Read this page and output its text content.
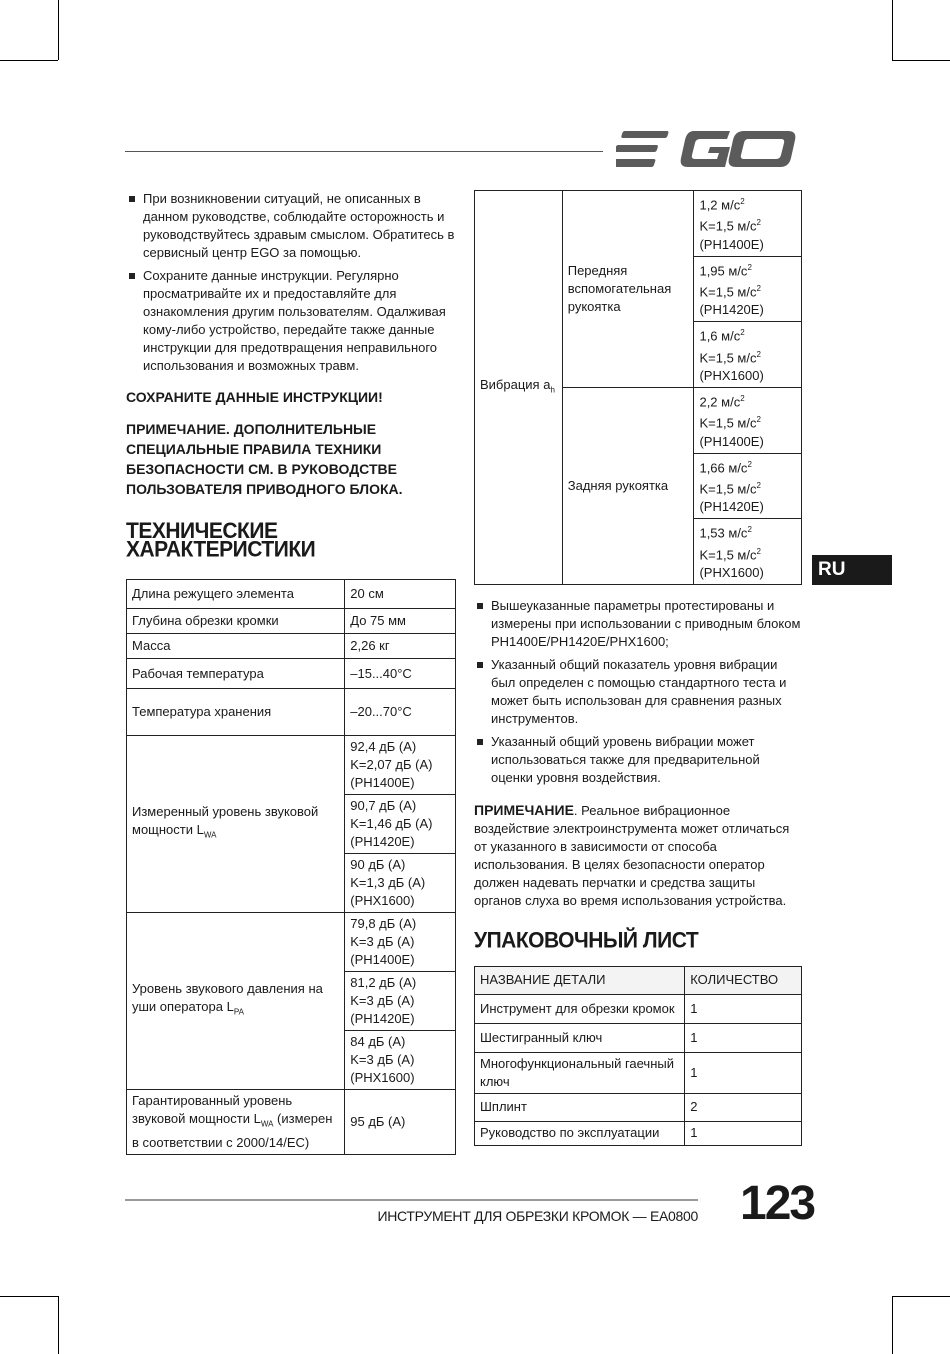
RU
При возникновении ситуаций, не описанных в данном руководстве, соблюдайте осторожность и руководствуйтесь здравым смыслом. Обратитесь в сервисный центр EGO за помощью.
Сохраните данные инструкции. Регулярно просматривайте их и предоставляйте для ознакомления другим пользователям. Одалживая кому-либо устройство, передайте также данные инструкции для предотвращения неправильного использования и возможных травм.

СОХРАНИТЕ ДАННЫЕ ИНСТРУКЦИИ!

ПРИМЕЧАНИЕ. ДОПОЛНИТЕЛЬНЫЕ СПЕЦИАЛЬНЫЕ ПРАВИЛА ТЕХНИКИ БЕЗОПАСНОСТИ СМ. В РУКОВОДСТВЕ ПОЛЬЗОВАТЕЛЯ ПРИВОДНОГО БЛОКА.

ТЕХНИЧЕСКИЕ ХАРАКТЕРИСТИКИ
Длина режущего элемента	20 см
Глубина обрезки кромки	До 75 мм
Масса	2,26 кг
Рабочая температура	–15...40°С
Температура хранения	–20...70°С
Измеренный уровень звуковой мощности $L_{WA}$	92,4 дБ (А)
K=2,07 дБ (A)
(PH1400E)

	90,7 дБ (А)
K=1,46 дБ (A)
(PH1420E)

	90 дБ (А)
K=1,3 дБ (A)
(PHX1600)

Уровень звукового давления на уши оператора $L_{PA}$	79,8 дБ (А)
K=3 дБ (A)
(PH1400E)

	81,2 дБ (А)
K=3 дБ (A)
(PH1420E)

	84 дБ (А)
K=3 дБ (A)
(PHX1600)

Гарантированный уровень звуковой мощности $L_{WA}$ (измерен в соответствии с 2000/14/EC)	95 дБ (А)
Вибрация $a_h$	Передняя вспомогательная рукоятка	1,2 $м/с^2$
K=1,5 $м/с^2$
(PH1400E)

		1,95 $м/с^2$
K=1,5 $м/с^2$
(PH1420E)

		1,6 $м/с^2$
K=1,5 $м/с^2$
(PHX1600)

	Задняя рукоятка	2,2 $м/с^2$
K=1,5 $м/с^2$
(PH1400E)

		1,66 $м/с^2$
K=1,5 $м/с^2$
(PH1420E)

		1,53 $м/с^2$
K=1,5 $м/с^2$
(PHX1600)
Вышеуказанные параметры протестированы и измерены при использовании с приводным блоком PH1400E/PH1420E/PHX1600;
Указанный общий показатель уровня вибрации был определен с помощью стандартного теста и может быть использован для сравнения разных инструментов.
Указанный общий уровень вибрации может использоваться также для предварительной оценки уровня воздействия.

ПРИМЕЧАНИЕ. Реальное вибрационное воздействие электроинструмента может отличаться от указанного в зависимости от способа использования. В целях безопасности оператор должен надевать перчатки и средства защиты органов слуха во время использования устройства.

УПАКОВОЧНЫЙ ЛИСТ
НАЗВАНИЕ ДЕТАЛИ	КОЛИЧЕСТВО
Инструмент для обрезки кромок	1
Шестигранный ключ	1
Многофункциональный гаечный ключ	1
Шплинт	2
Руководство по эксплуатации	1
ИНСТРУМЕНТ ДЛЯ ОБРЕЗКИ КРОМОК — EA0800 123
